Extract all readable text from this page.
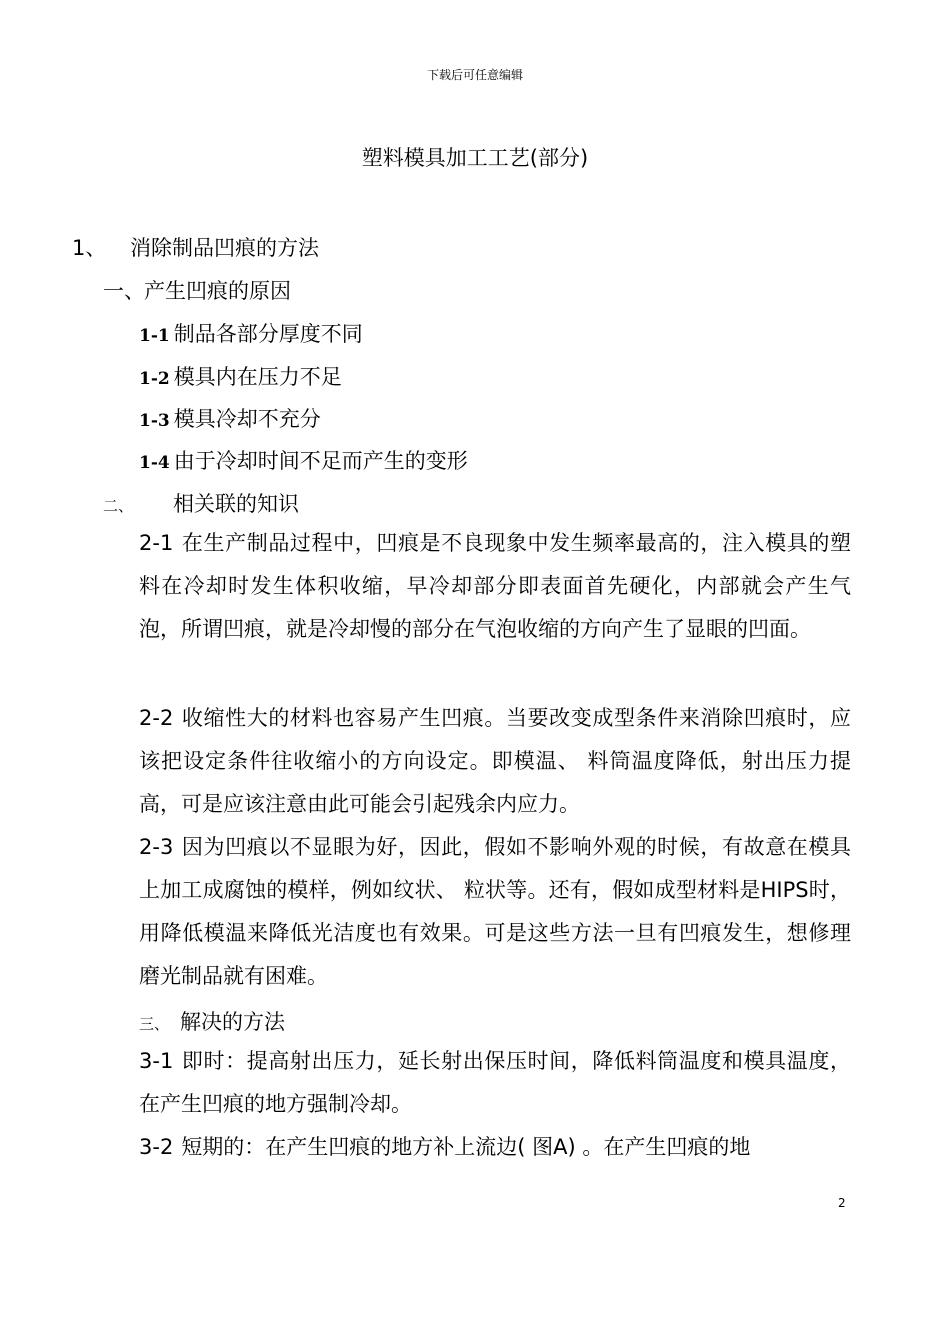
下载后可任意编辑
塑料模具加工工艺(部分)
1、 消除制品凹痕的方法
一、产生凹痕的原因
1-1 制品各部分厚度不同
1-2 模具内在压力不足
1-3 模具冷却不充分
1-4 由于冷却时间不足而产生的变形
二、 相关联的知识
2-1 在生产制品过程中，凹痕是不良现象中发生频率最高的，注入模具的塑料在冷却时发生体积收缩，早冷却部分即表面首先硬化，内部就会产生气泡，所谓凹痕，就是冷却慢的部分在气泡收缩的方向产生了显眼的凹面。
2-2 收缩性大的材料也容易产生凹痕。当要改变成型条件来消除凹痕时，应该把设定条件往收缩小的方向设定。即模温、 料筒温度降低，射出压力提高，可是应该注意由此可能会引起残余内应力。
2-3 因为凹痕以不显眼为好，因此，假如不影响外观的时候，有故意在模具上加工成腐蚀的模样，例如纹状、 粒状等。还有，假如成型材料是HIPS时，用降低模温来降低光洁度也有效果。可是这些方法一旦有凹痕发生，想修理磨光制品就有困难。
三、 解决的方法
3-1 即时：提高射出压力，延长射出保压时间，降低料筒温度和模具温度，在产生凹痕的地方强制冷却。
3-2 短期的：在产生凹痕的地方补上流边( 图A) 。在产生凹痕的地
2
